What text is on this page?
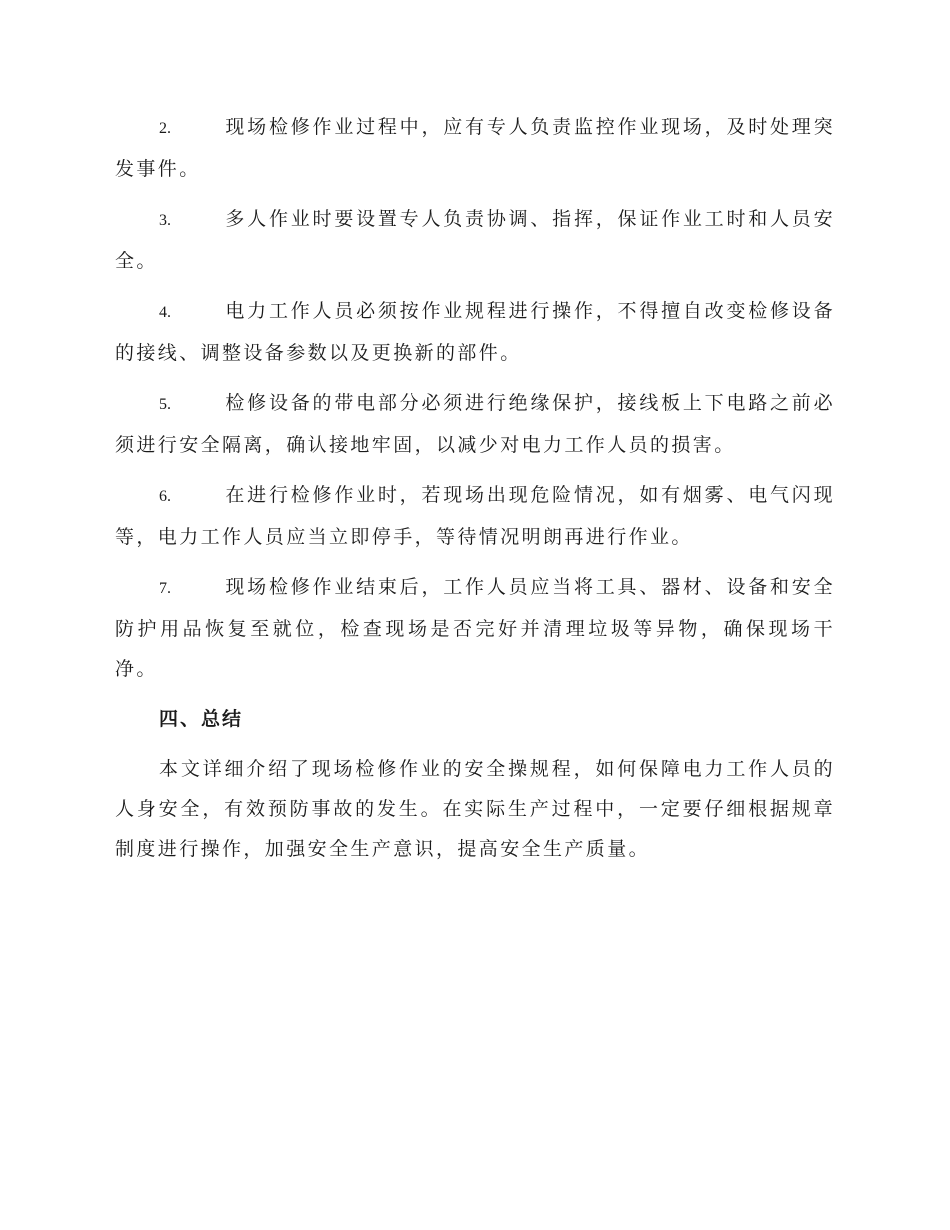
2.	现场检修作业过程中，应有专人负责监控作业现场，及时处理突发事件。

3.	多人作业时要设置专人负责协调、指挥，保证作业工时和人员安全。

4.	电力工作人员必须按作业规程进行操作，不得擅自改变检修设备的接线、调整设备参数以及更换新的部件。

5.	检修设备的带电部分必须进行绝缘保护，接线板上下电路之前必须进行安全隔离，确认接地牢固，以减少对电力工作人员的损害。

6.	在进行检修作业时，若现场出现危险情况，如有烟雾、电气闪现等，电力工作人员应当立即停手，等待情况明朗再进行作业。

7.	现场检修作业结束后，工作人员应当将工具、器材、设备和安全防护用品恢复至就位，检查现场是否完好并清理垃圾等异物，确保现场干净。

四、总结

本文详细介绍了现场检修作业的安全操规程，如何保障电力工作人员的人身安全，有效预防事故的发生。在实际生产过程中，一定要仔细根据规章制度进行操作，加强安全生产意识，提高安全生产质量。
